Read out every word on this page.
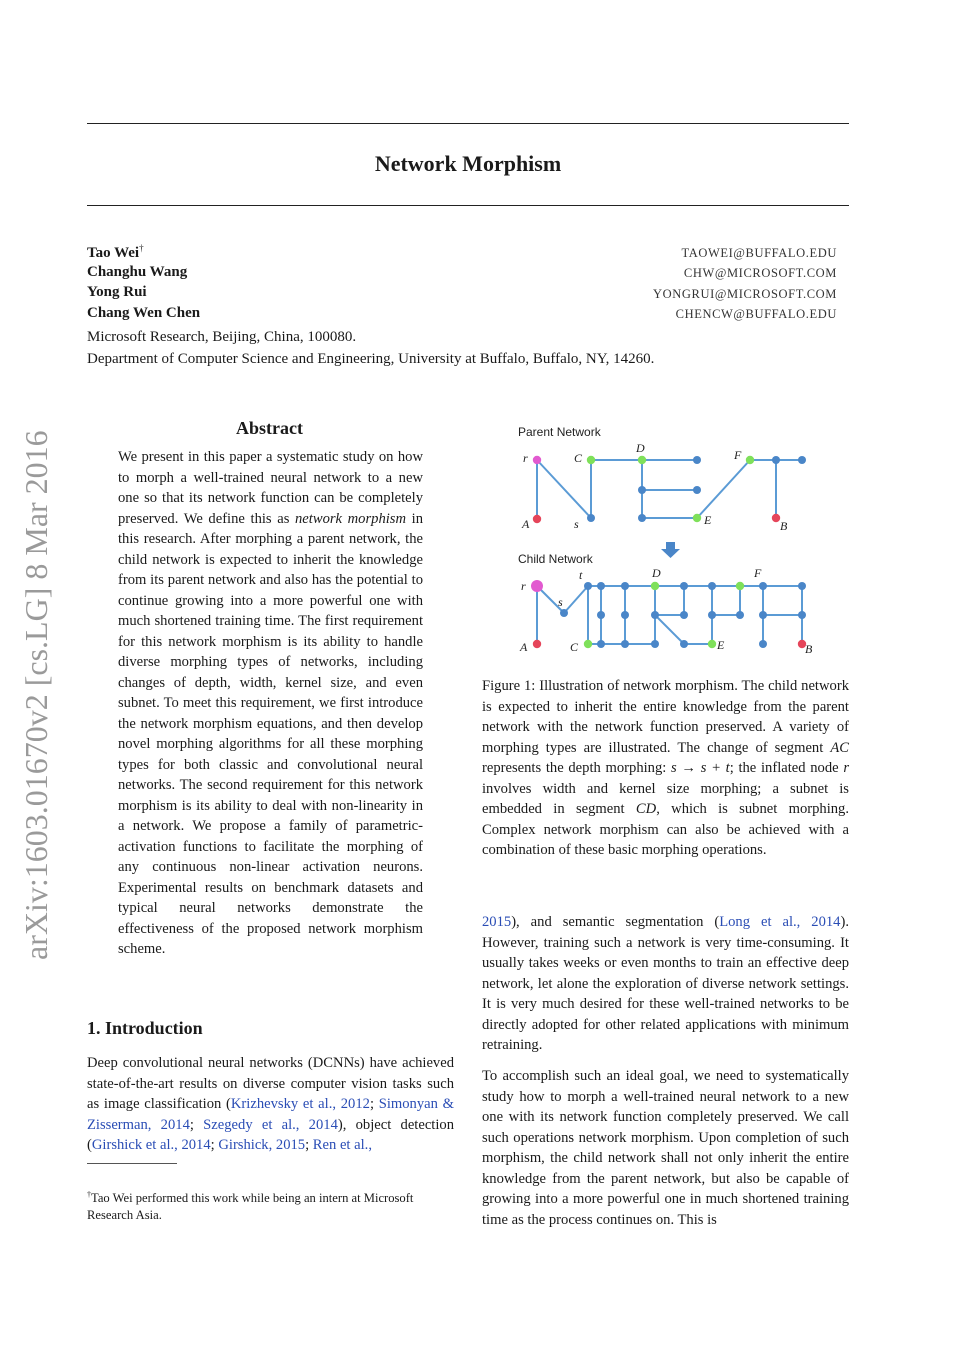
Network Morphism
Tao Wei†	TAOWEI@BUFFALO.EDU
Changhu Wang	CHW@MICROSOFT.COM
Yong Rui	YONGRUI@MICROSOFT.COM
Chang Wen Chen	CHENCW@BUFFALO.EDU
Microsoft Research, Beijing, China, 100080.
Department of Computer Science and Engineering, University at Buffalo, Buffalo, NY, 14260.
arXiv:1603.01670v2 [cs.LG] 8 Mar 2016
Abstract
We present in this paper a systematic study on how to morph a well-trained neural network to a new one so that its network function can be completely preserved. We define this as network morphism in this research. After morphing a parent network, the child network is expected to inherit the knowledge from its parent network and also has the potential to continue growing into a more powerful one with much shortened training time. The first requirement for this network morphism is its ability to handle diverse morphing types of networks, including changes of depth, width, kernel size, and even subnet. To meet this requirement, we first introduce the network morphism equations, and then develop novel morphing algorithms for all these morphing types for both classic and convolutional neural networks. The second requirement for this network morphism is its ability to deal with non-linearity in a network. We propose a family of parametric-activation functions to facilitate the morphing of any continuous non-linear activation neurons. Experimental results on benchmark datasets and typical neural networks demonstrate the effectiveness of the proposed network morphism scheme.
1. Introduction
Deep convolutional neural networks (DCNNs) have achieved state-of-the-art results on diverse computer vision tasks such as image classification (Krizhevsky et al., 2012; Simonyan & Zisserman, 2014; Szegedy et al., 2014), object detection (Girshick et al., 2014; Girshick, 2015; Ren et al.,
†Tao Wei performed this work while being an intern at Microsoft Research Asia.
r	C
D	F
A	s	E	B
Parent Network
Child Network
r
t	D	F
s
A	C	E	B
Figure 1: Illustration of network morphism. The child network is expected to inherit the entire knowledge from the parent network with the network function preserved. A variety of morphing types are illustrated. The change of segment AC represents the depth morphing: s → s + t; the inflated node r involves width and kernel size morphing; a subnet is embedded in segment CD, which is subnet morphing. Complex network morphism can also be achieved with a combination of these basic morphing operations.
2015), and semantic segmentation (Long et al., 2014). However, training such a network is very time-consuming. It usually takes weeks or even months to train an effective deep network, let alone the exploration of diverse network settings. It is very much desired for these well-trained networks to be directly adopted for other related applications with minimum retraining.
To accomplish such an ideal goal, we need to systematically study how to morph a well-trained neural network to a new one with its network function completely preserved. We call such operations network morphism. Upon completion of such morphism, the child network shall not only inherit the entire knowledge from the parent network, but also be capable of growing into a more powerful one in much shortened training time as the process continues on. This is
